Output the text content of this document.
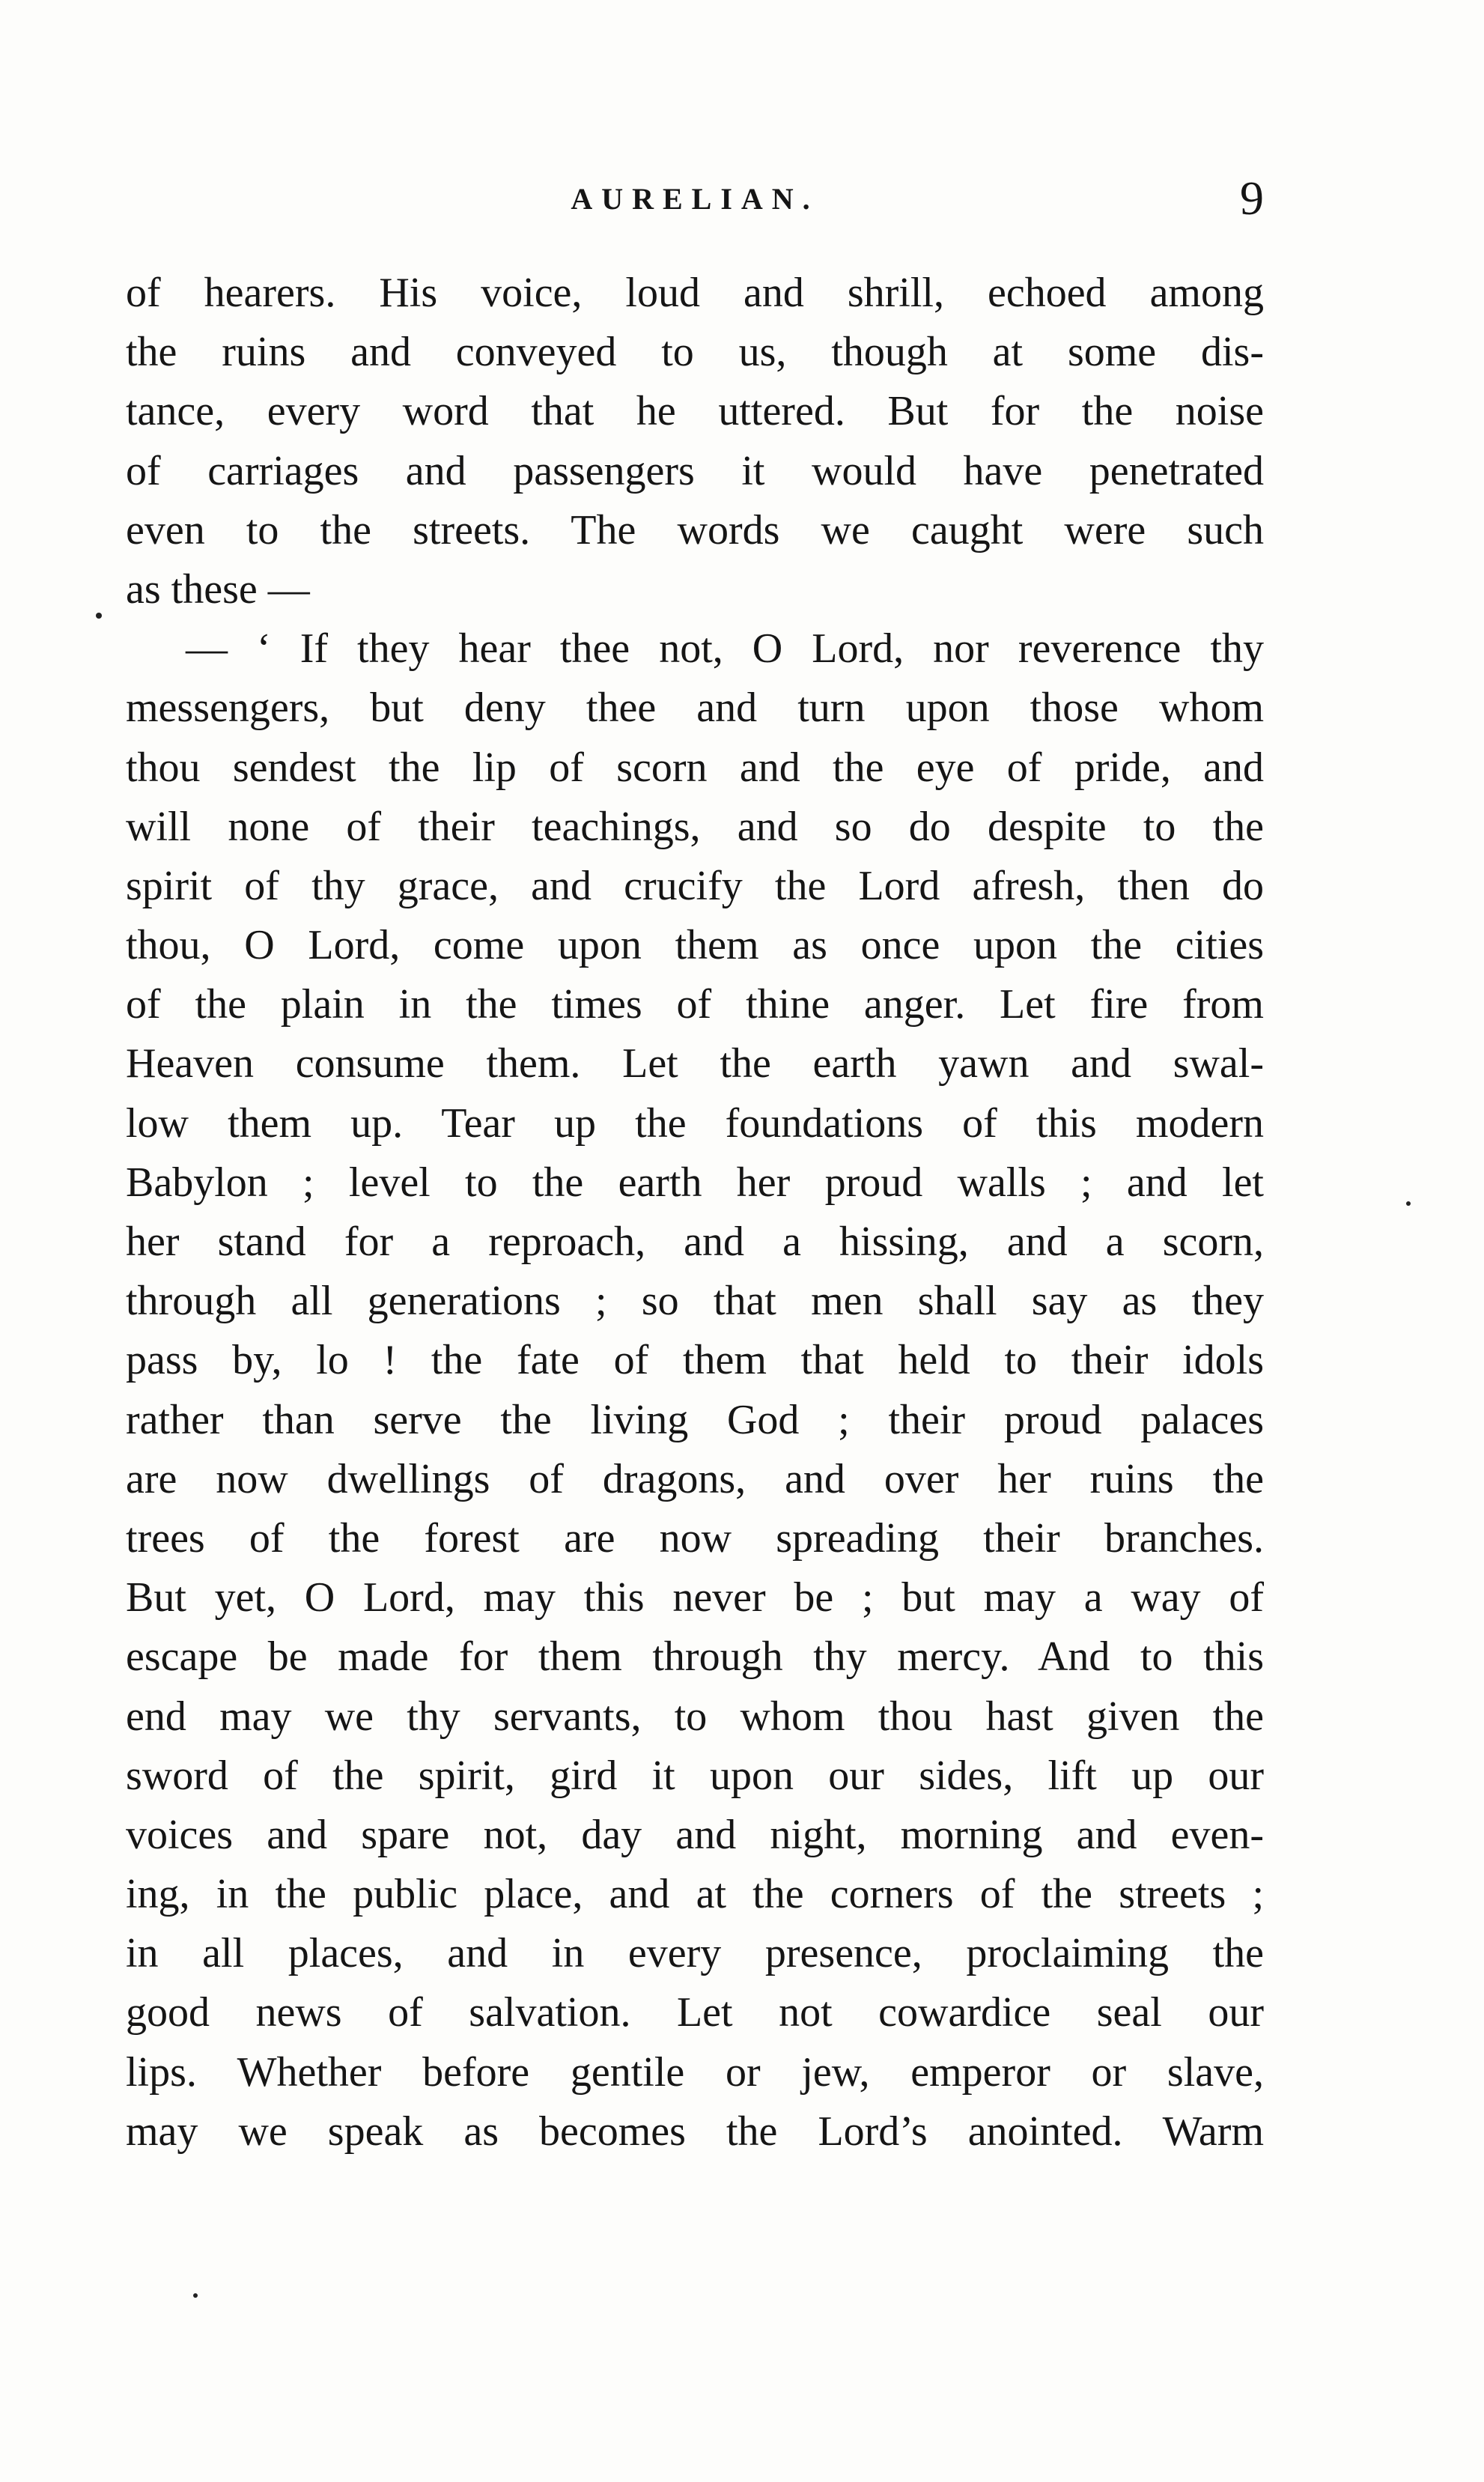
AURELIAN.	9
of hearers. His voice, loud and shrill, echoed among
the ruins and conveyed to us, though at some dis-
tance, every word that he uttered. But for the noise
of carriages and passengers it would have penetrated
even to the streets. The words we caught were such
as these —
— ‘ If they hear thee not, O Lord, nor reverence thy
messengers, but deny thee and turn upon those whom
thou sendest the lip of scorn and the eye of pride, and
will none of their teachings, and so do despite to the
spirit of thy grace, and crucify the Lord afresh, then do
thou, O Lord, come upon them as once upon the cities
of the plain in the times of thine anger. Let fire from
Heaven consume them. Let the earth yawn and swal-
low them up. Tear up the foundations of this modern
Babylon ; level to the earth her proud walls ; and let
her stand for a reproach, and a hissing, and a scorn,
through all generations ; so that men shall say as they
pass by, lo ! the fate of them that held to their idols
rather than serve the living God ; their proud palaces
are now dwellings of dragons, and over her ruins the
trees of the forest are now spreading their branches.
But yet, O Lord, may this never be ; but may a way of
escape be made for them through thy mercy. And to this
end may we thy servants, to whom thou hast given the
sword of the spirit, gird it upon our sides, lift up our
voices and spare not, day and night, morning and even-
ing, in the public place, and at the corners of the streets ;
in all places, and in every presence, proclaiming the
good news of salvation. Let not cowardice seal our
lips. Whether before gentile or jew, emperor or slave,
may we speak as becomes the Lord’s anointed. Warm
